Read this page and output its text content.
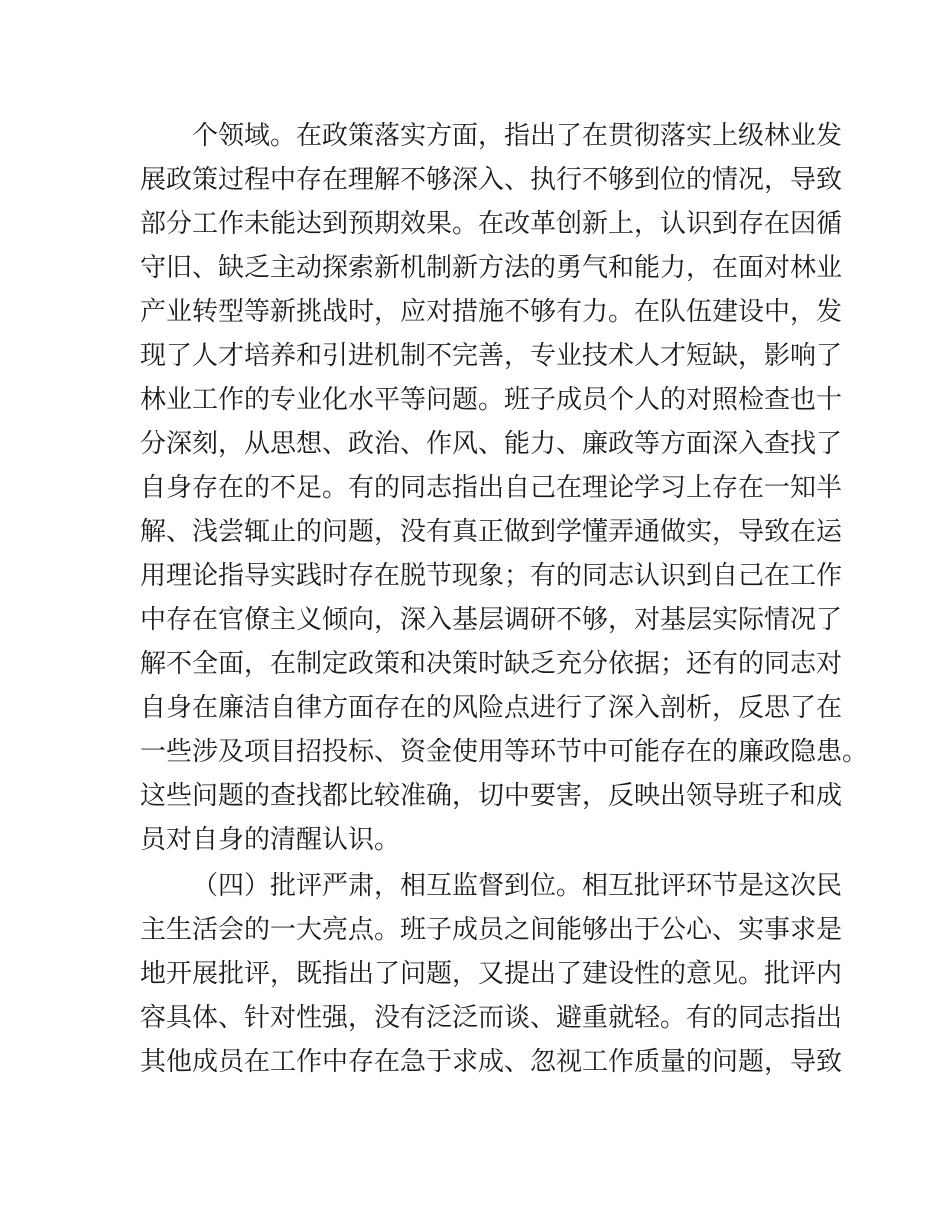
个领域。在政策落实方面，指出了在贯彻落实上级林业发
展政策过程中存在理解不够深入、执行不够到位的情况，导致
部分工作未能达到预期效果。在改革创新上，认识到存在因循
守旧、缺乏主动探索新机制新方法的勇气和能力，在面对林业
产业转型等新挑战时，应对措施不够有力。在队伍建设中，发
现了人才培养和引进机制不完善，专业技术人才短缺，影响了
林业工作的专业化水平等问题。班子成员个人的对照检查也十
分深刻，从思想、政治、作风、能力、廉政等方面深入查找了
自身存在的不足。有的同志指出自己在理论学习上存在一知半
解、浅尝辄止的问题，没有真正做到学懂弄通做实，导致在运
用理论指导实践时存在脱节现象；有的同志认识到自己在工作
中存在官僚主义倾向，深入基层调研不够，对基层实际情况了
解不全面，在制定政策和决策时缺乏充分依据；还有的同志对
自身在廉洁自律方面存在的风险点进行了深入剖析，反思了在
一些涉及项目招投标、资金使用等环节中可能存在的廉政隐患。
这些问题的查找都比较准确，切中要害，反映出领导班子和成
员对自身的清醒认识。
（四）批评严肃，相互监督到位。相互批评环节是这次民
主生活会的一大亮点。班子成员之间能够出于公心、实事求是
地开展批评，既指出了问题，又提出了建设性的意见。批评内
容具体、针对性强，没有泛泛而谈、避重就轻。有的同志指出
其他成员在工作中存在急于求成、忽视工作质量的问题，导致
